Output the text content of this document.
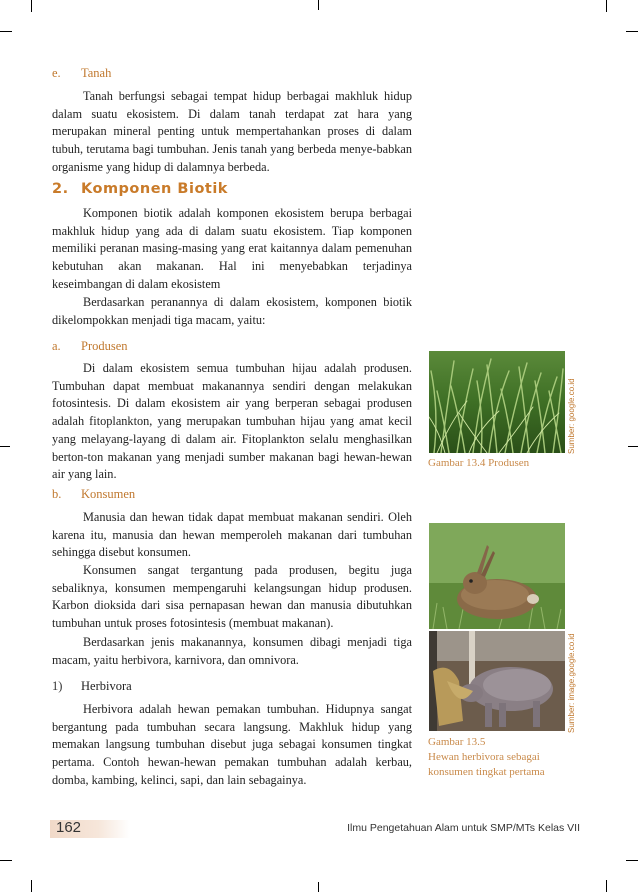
e. Tanah

Tanah berfungsi sebagai tempat hidup berbagai makhluk hidup dalam suatu ekosistem. Di dalam tanah terdapat zat hara yang merupakan mineral penting untuk mempertahankan proses di dalam tubuh, terutama bagi tumbuhan. Jenis tanah yang berbeda menye-babkan organisme yang hidup di dalamnya berbeda.

2. Komponen Biotik

Komponen biotik adalah komponen ekosistem berupa berbagai makhluk hidup yang ada di dalam suatu ekosistem. Tiap komponen memiliki peranan masing-masing yang erat kaitannya dalam pemenuhan kebutuhan akan makanan. Hal ini menyebabkan terjadinya keseimbangan di dalam ekosistem

Berdasarkan peranannya di dalam ekosistem, komponen biotik dikelompokkan menjadi tiga macam, yaitu:

a. Produsen

Di dalam ekosistem semua tumbuhan hijau adalah produsen. Tumbuhan dapat membuat makanannya sendiri dengan melakukan fotosintesis. Di dalam ekosistem air yang berperan sebagai produsen adalah fitoplankton, yang merupakan tumbuhan hijau yang amat kecil yang melayang-layang di dalam air. Fitoplankton selalu menghasilkan berton-ton makanan yang menjadi sumber makanan bagi hewan-hewan air yang lain.

b. Konsumen

Manusia dan hewan tidak dapat membuat makanan sendiri. Oleh karena itu, manusia dan hewan memperoleh makanan dari tumbuhan sehingga disebut konsumen.

Konsumen sangat tergantung pada produsen, begitu juga sebaliknya, konsumen mempengaruhi kelangsungan hidup produsen. Karbon dioksida dari sisa pernapasan hewan dan manusia dibutuhkan tumbuhan untuk proses fotosintesis (membuat makanan).

Berdasarkan jenis makanannya, konsumen dibagi menjadi tiga macam, yaitu herbivora, karnivora, dan omnivora.

1) Herbivora

Herbivora adalah hewan pemakan tumbuhan. Hidupnya sangat bergantung pada tumbuhan secara langsung. Makhluk hidup yang memakan langsung tumbuhan disebut juga sebagai konsumen tingkat pertama. Contoh hewan-hewan pemakan tumbuhan adalah kerbau, domba, kambing, kelinci, sapi, dan lain sebagainya.

Sumber: google.co.id
Gambar 13.4 Produsen
Sumber: image.google.co.id
Gambar 13.5
Hewan herbivora sebagai
konsumen tingkat pertama
162	Ilmu Pengetahuan Alam untuk SMP/MTs Kelas VII
